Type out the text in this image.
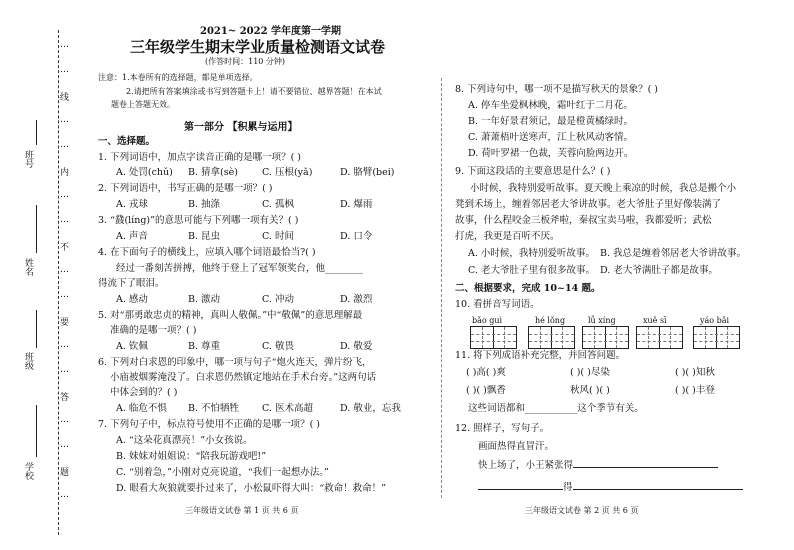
…
…
线
…
…
内
…
…
不
…
…
要
…
…
答
…
…
题
…
班号
姓名
班级
学校
2021~ 2022 学年度第一学期
三年级学生期末学业质量检测语文试卷
(作答时间：110 分钟)
注意：1.本卷所有的选择题，都是单项选择。
2.请把所有答案填涂或书写到答题卡上！请不要错位、越界答题！在本试
题卷上答题无效。
第一部分 【积累与运用】
一、选择题。
1. 下列词语中，加点字读音正确的是哪一项？( )
A. 处罚(chǔ) B. 猜拿(sè)	C. 压根(yǎ)	D. 胳臂(bei)
2. 下列词语中，书写正确的是哪一项？( )
A. 戎球	B. 抽涤	C. 孤枫	D. 爆雨
3. “鼗(líng)”的意思可能与下列哪一项有关？( )
A. 声音	B. 昆虫	C. 时间	D. 口令
4. 在下面句子的横线上，应填入哪个词语最恰当?( )
经过一番刻苦拼搏，他终于登上了冠军领奖台，他________
得流下了眼泪。
A. 感动	B. 激动	C. 冲动	D. 激烈
5. 对“那勇敢忠贞的精神，真叫人敬佩。”中“敬佩”的意思理解最
准确的是哪一项？( )
A. 钦佩	B. 尊重	C. 敬畏	D. 敬爱
6. 下列对白求恩的印象中，哪一项与句子“炮火连天，弹片纷飞，
小庙被烟雾淹没了。白求恩仍然镇定地站在手术台旁。”这两句话
中体会到的？( )
A. 临危不惧 B. 不怕牺牲 C. 医术高超	D. 敬业，忘我
7. 下列句子中，标点符号使用不正确的是哪一项？( )
A. “这朵花真漂亮！”小女孩说。
B. 妹妹对姐姐说：“陪我玩游戏吧!”
C. “别着急，”小刚对克亮说道，“我们一起想办法。”
D. 眼看大灰狼就要扑过来了，小松鼠吓得大叫：“救命！救命！”
三年级语文试卷 第 1 页 共 6 页
8. 下列诗句中，哪一项不是描写秋天的景象？( )
A. 停车坐爱枫林晚，霜叶红于二月花。
B. 一年好景君须记，最是橙黄橘绿时。
C. 萧萧梧叶送寒声，江上秋风动客情。
D. 荷叶罗裙一色裁，芙蓉向脸两边开。
9. 下面这段话的主要意思是什么？( )
小时候，我特别爱听故事。夏天晚上乘凉的时候，我总是搬个小
凳到禾场上，缠着邻居老大爷讲故事。老大爷肚子里好像装满了
故事，什么程咬金三板斧啦，秦叔宝卖马啦，我都爱听；武松
打虎，我更是百听不厌。
A. 小时候，我特别爱听故事。 B. 我总是缠着邻居老大爷讲故事。
C. 老大爷肚子里有很多故事。 D. 老大爷满肚子都是故事。
二、根据要求，完成 10~14 题。
10. 看拼音写词语。
bǎo guì	hé lǒng	lǚ xíng	xuě sī	yáo bǎi
11. 将下列成语补充完整，并回答问题。
( )高( )爽	( )( )尽染	( )( )知秋
( )( )飘香	秋风( )( )	( )( )丰登
这些词语都和___________这个季节有关。
12. 照样子，写句子。
画面热得直冒汗。
快上场了，小王紧张得
得
三年级语文试卷 第 2 页 共 6 页
